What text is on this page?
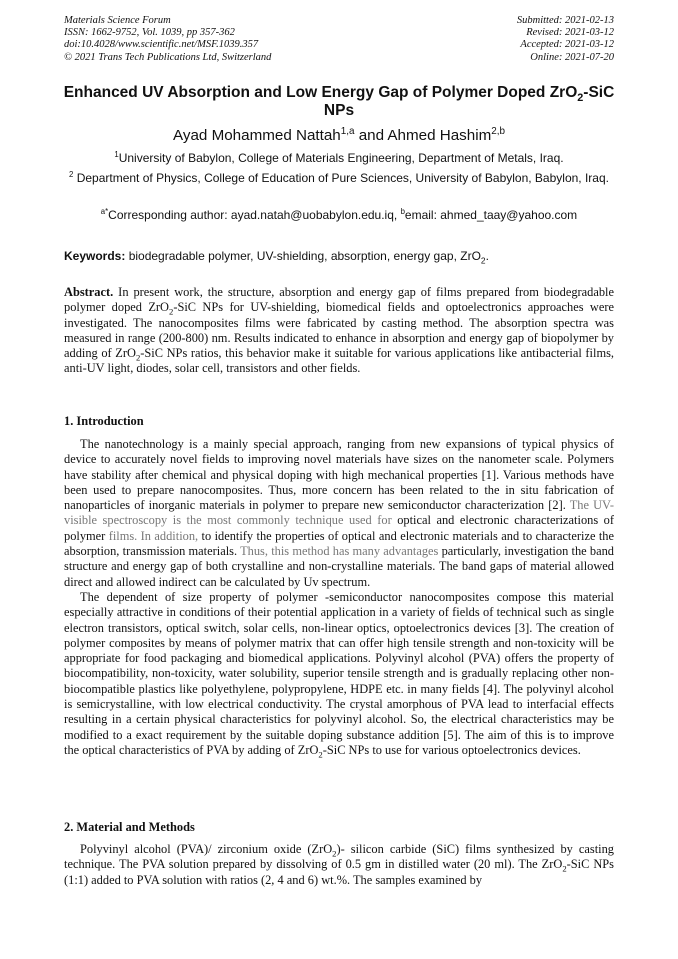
Materials Science Forum
ISSN: 1662-9752, Vol. 1039, pp 357-362
doi:10.4028/www.scientific.net/MSF.1039.357
© 2021 Trans Tech Publications Ltd, Switzerland
Submitted: 2021-02-13
Revised: 2021-03-12
Accepted: 2021-03-12
Online: 2021-07-20
Enhanced UV Absorption and Low Energy Gap of Polymer Doped ZrO$_2$-SiC NPs
Ayad Mohammed Nattah$^{1,a}$ and Ahmed Hashim$^{2,b}$
$^1$University of Babylon, College of Materials Engineering, Department of Metals, Iraq.
$^2$ Department of Physics, College of Education of Pure Sciences, University of Babylon, Babylon, Iraq.
$^{a*}$Corresponding author: ayad.natah@uobabylon.edu.iq, $^b$email: ahmed_taay@yahoo.com
Keywords: biodegradable polymer, UV-shielding, absorption, energy gap, ZrO$_2$.

Abstract. In present work, the structure, absorption and energy gap of films prepared from biodegradable polymer doped ZrO$_2$-SiC NPs for UV-shielding, biomedical fields and optoelectronics approaches were investigated. The nanocomposites films were fabricated by casting method. The absorption spectra was measured in range (200-800) nm. Results indicated to enhance in absorption and energy gap of biopolymer by adding of ZrO$_2$-SiC NPs ratios, this behavior make it suitable for various applications like antibacterial films, anti-UV light, diodes, solar cell, transistors and other fields.

1. Introduction

The nanotechnology is a mainly special approach, ranging from new expansions of typical physics of device to accurately novel fields to improving novel materials have sizes on the nanometer scale. Polymers have stability after chemical and physical doping with high mechanical properties [1]. Various methods have been used to prepare nanocomposites. Thus, more concern has been related to the in situ fabrication of nanoparticles of inorganic materials in polymer to prepare new semiconductor characterization [2]. The UV-visible spectroscopy is the most commonly technique used for optical and electronic characterizations of polymer films. In addition, to identify the properties of optical and electronic materials and to characterize the absorption, transmission materials. Thus, this method has many advantages particularly, investigation the band structure and energy gap of both crystalline and non-crystalline materials. The band gaps of material allowed direct and allowed indirect can be calculated by Uv spectrum.

The dependent of size property of polymer -semiconductor nanocomposites compose this material especially attractive in conditions of their potential application in a variety of fields of technical such as single electron transistors, optical switch, solar cells, non-linear optics, optoelectronics devices [3]. The creation of polymer composites by means of polymer matrix that can offer high tensile strength and non-toxicity will be appropriate for food packaging and biomedical applications. Polyvinyl alcohol (PVA) offers the property of biocompatibility, non-toxicity, water solubility, superior tensile strength and is gradually replacing other non-biocompatible plastics like polyethylene, polypropylene, HDPE etc. in many fields [4]. The polyvinyl alcohol is semicrystalline, with low electrical conductivity. The crystal amorphous of PVA lead to interfacial effects resulting in a certain physical characteristics for polyvinyl alcohol. So, the electrical characteristics may be modified to a exact requirement by the suitable doping substance addition [5]. The aim of this is to improve the optical characteristics of PVA by adding of ZrO$_2$-SiC NPs to use for various optoelectronics devices.

2. Material and Methods

Polyvinyl alcohol (PVA)/ zirconium oxide (ZrO$_2$)- silicon carbide (SiC) films synthesized by casting technique. The PVA solution prepared by dissolving of 0.5 gm in distilled water (20 ml). The ZrO$_2$-SiC NPs (1:1) added to PVA solution with ratios (2, 4 and 6) wt.%. The samples examined by
